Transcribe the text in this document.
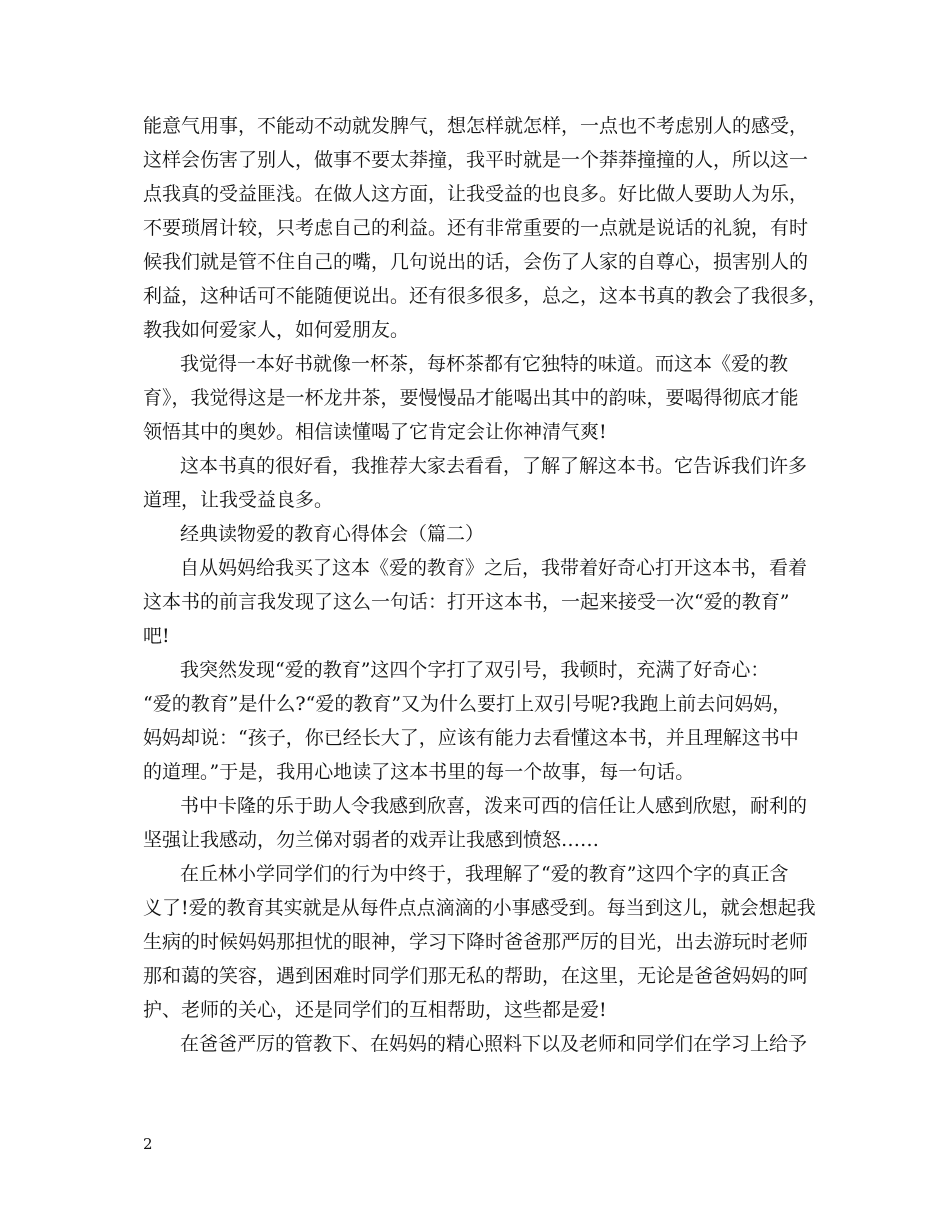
能意气用事，不能动不动就发脾气，想怎样就怎样，一点也不考虑别人的感受，
这样会伤害了别人，做事不要太莽撞，我平时就是一个莽莽撞撞的人，所以这一
点我真的受益匪浅。在做人这方面，让我受益的也良多。好比做人要助人为乐，
不要琐屑计较，只考虑自己的利益。还有非常重要的一点就是说话的礼貌，有时
候我们就是管不住自己的嘴，几句说出的话，会伤了人家的自尊心，损害别人的
利益，这种话可不能随便说出。还有很多很多，总之，这本书真的教会了我很多，
教我如何爱家人，如何爱朋友。
我觉得一本好书就像一杯茶，每杯茶都有它独特的味道。而这本《爱的教
育》，我觉得这是一杯龙井茶，要慢慢品才能喝出其中的韵味，要喝得彻底才能
领悟其中的奥妙。相信读懂喝了它肯定会让你神清气爽!
这本书真的很好看，我推荐大家去看看，了解了解这本书。它告诉我们许多
道理，让我受益良多。
经典读物爱的教育心得体会（篇二）
自从妈妈给我买了这本《爱的教育》之后，我带着好奇心打开这本书，看着
这本书的前言我发现了这么一句话：打开这本书，一起来接受一次“爱的教育”
吧!
我突然发现“爱的教育”这四个字打了双引号，我顿时，充满了好奇心：
“爱的教育”是什么?“爱的教育”又为什么要打上双引号呢?我跑上前去问妈妈，
妈妈却说：“孩子，你已经长大了，应该有能力去看懂这本书，并且理解这书中
的道理。”于是，我用心地读了这本书里的每一个故事，每一句话。
书中卡隆的乐于助人令我感到欣喜，泼来可西的信任让人感到欣慰，耐利的
坚强让我感动，勿兰俤对弱者的戏弄让我感到愤怒……
在丘林小学同学们的行为中终于，我理解了“爱的教育”这四个字的真正含
义了!爱的教育其实就是从每件点点滴滴的小事感受到。每当到这儿，就会想起我
生病的时候妈妈那担忧的眼神，学习下降时爸爸那严厉的目光，出去游玩时老师
那和蔼的笑容，遇到困难时同学们那无私的帮助，在这里，无论是爸爸妈妈的呵
护、老师的关心，还是同学们的互相帮助，这些都是爱!
在爸爸严厉的管教下、在妈妈的精心照料下以及老师和同学们在学习上给予
2
